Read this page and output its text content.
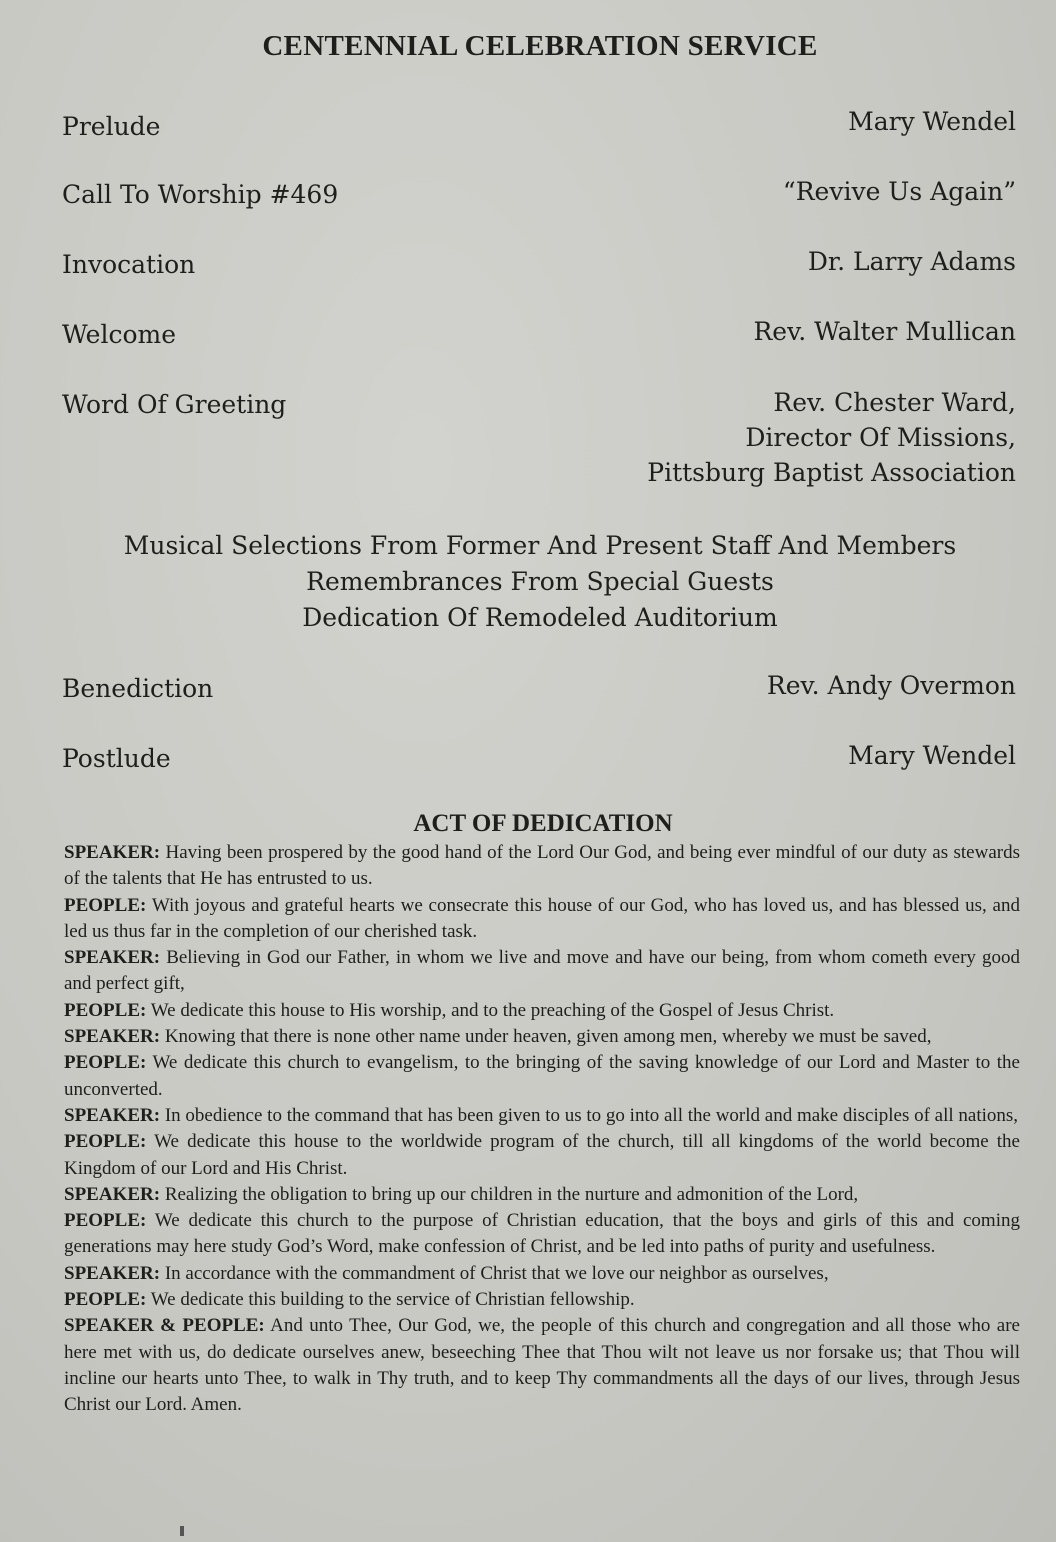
CENTENNIAL CELEBRATION SERVICE
Prelude	Mary Wendel
Call To Worship #469	“Revive Us Again”
Invocation	Dr. Larry Adams
Welcome	Rev. Walter Mullican
Word Of Greeting	Rev. Chester Ward,
Director Of Missions,
Pittsburg Baptist Association
Musical Selections From Former And Present Staff And Members
Remembrances From Special Guests
Dedication Of Remodeled Auditorium
Benediction	Rev. Andy Overmon
Postlude	Mary Wendel
ACT OF DEDICATION

SPEAKER: Having been prospered by the good hand of the Lord Our God, and being ever mindful of our duty as stewards of the talents that He has entrusted to us.

PEOPLE: With joyous and grateful hearts we consecrate this house of our God, who has loved us, and has blessed us, and led us thus far in the completion of our cherished task.

SPEAKER: Believing in God our Father, in whom we live and move and have our being, from whom cometh every good and perfect gift,

PEOPLE: We dedicate this house to His worship, and to the preaching of the Gospel of Jesus Christ.

SPEAKER: Knowing that there is none other name under heaven, given among men, whereby we must be saved,

PEOPLE: We dedicate this church to evangelism, to the bringing of the saving knowledge of our Lord and Master to the unconverted.

SPEAKER: In obedience to the command that has been given to us to go into all the world and make disciples of all nations,

PEOPLE: We dedicate this house to the worldwide program of the church, till all kingdoms of the world become the Kingdom of our Lord and His Christ.

SPEAKER: Realizing the obligation to bring up our children in the nurture and admonition of the Lord,

PEOPLE: We dedicate this church to the purpose of Christian education, that the boys and girls of this and coming generations may here study God’s Word, make confession of Christ, and be led into paths of purity and usefulness.

SPEAKER: In accordance with the commandment of Christ that we love our neighbor as ourselves,

PEOPLE: We dedicate this building to the service of Christian fellowship.

SPEAKER & PEOPLE: And unto Thee, Our God, we, the people of this church and congregation and all those who are here met with us, do dedicate ourselves anew, beseeching Thee that Thou wilt not leave us nor forsake us; that Thou will incline our hearts unto Thee, to walk in Thy truth, and to keep Thy commandments all the days of our lives, through Jesus Christ our Lord. Amen.
